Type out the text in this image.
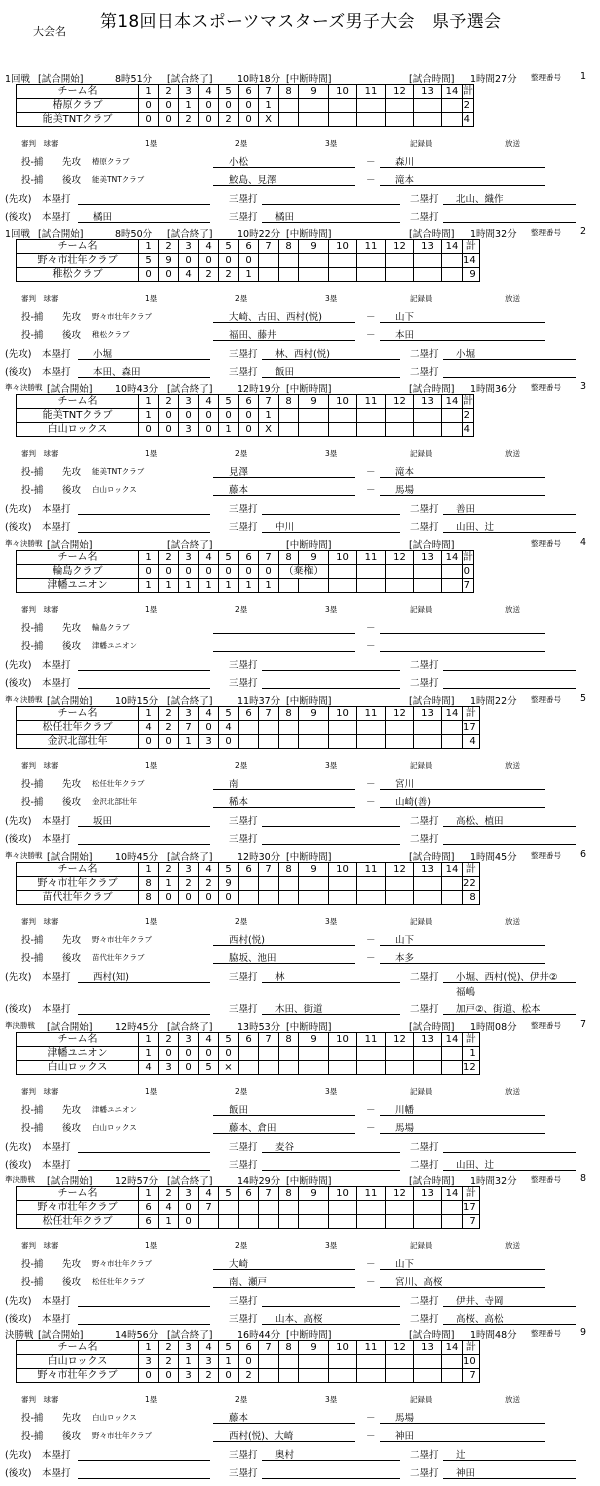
大会名 第18回日本スポーツマスターズ男子大会　県予選会
1回戦 [試合開始]	8時51分 [試合終了]	10時18分 [中断時間]	[試合時間] 1時間27分 整理番号 1
チーム名	1	2	3	4	5	6	7	8	9	10	11	12	13	14	計
椿原クラブ	0	0	1	0	0	0	1								2
能美TNTクラブ	0	0	2	0	2	0	X								4
審判　球審	1塁	2塁	3塁	記録員	放送
投-捕 先攻 椿原クラブ	小松	－ 森川
投-捕 後攻 能美TNTクラブ	鮫島、見澤	－ 滝本
(先攻) 本塁打	三塁打	二塁打 北山、織作
(後攻) 本塁打 橘田	三塁打 橘田	二塁打
1回戦 [試合開始]	8時50分 [試合終了]	10時22分 [中断時間]	[試合時間] 1時間32分 整理番号 2
チーム名	1	2	3	4	5	6	7	8	9	10	11	12	13	14	計
野々市壮年クラブ	5	9	0	0	0	0									14
稚松クラブ	0	0	4	2	2	1									9
審判　球審	1塁	2塁	3塁	記録員	放送
投-捕 先攻 野々市壮年クラブ	大崎、古田、西村(悦)	－ 山下
投-捕 後攻 稚松クラブ	福田、藤井	－ 本田
(先攻) 本塁打 小堀	三塁打 林、西村(悦)	二塁打 小堀
(後攻) 本塁打 本田、森田	三塁打 飯田	二塁打
準々決勝戦 [試合開始] 10時43分 [試合終了]	12時19分 [中断時間]	[試合時間] 1時間36分 整理番号 3
チーム名	1	2	3	4	5	6	7	8	9	10	11	12	13	14	計
能美TNTクラブ	1	0	0	0	0	0	1								2
白山ロックス	0	0	3	0	1	0	X								4
審判　球審	1塁	2塁	3塁	記録員	放送
投-捕 先攻 能美TNTクラブ	見澤	－ 滝本
投-捕 後攻 白山ロックス	藤本	－ 馬場
(先攻) 本塁打	三塁打	二塁打 善田
(後攻) 本塁打	三塁打 中川	二塁打 山田、辻
準々決勝戦 [試合開始]	[試合終了]	[中断時間]	[試合時間]	整理番号 4
チーム名	1	2	3	4	5	6	7	8	9	10	11	12	13	14	計
輪島クラブ	0	0	0	0	0	0	0	（棄権）							0
津幡ユニオン	1	1	1	1	1	1	1								7
審判　球審	1塁	2塁	3塁	記録員	放送
投-捕 先攻 輪島クラブ	－
投-捕 後攻 津幡ユニオン	－
(先攻) 本塁打	三塁打	二塁打
(後攻) 本塁打	三塁打	二塁打
準々決勝戦 [試合開始] 10時15分 [試合終了]	11時37分 [中断時間]	[試合時間] 1時間22分 整理番号 5
チーム名	1	2	3	4	5	6	7	8	9	10	11	12	13	14	計
松任壮年クラブ	4	2	7	0	4										17
金沢北部壮年	0	0	1	3	0										4
審判　球審	1塁	2塁	3塁	記録員	放送
投-捕 先攻 松任壮年クラブ	南	－ 宮川
投-捕 後攻 金沢北部壮年	稀本	－ 山崎(善)
(先攻) 本塁打 坂田	三塁打	二塁打 高松、植田
(後攻) 本塁打	三塁打	二塁打
準々決勝戦 [試合開始] 10時45分 [試合終了]	12時30分 [中断時間]	[試合時間] 1時間45分 整理番号 6
チーム名	1	2	3	4	5	6	7	8	9	10	11	12	13	14	計
野々市壮年クラブ	8	1	2	2	9										22
苗代壮年クラブ	8	0	0	0	0										8
審判　球審	1塁	2塁	3塁	記録員	放送
投-捕 先攻 野々市壮年クラブ	西村(悦)	－ 山下
投-捕 後攻 苗代壮年クラブ	脇坂、池田	－ 本多
(先攻) 本塁打 西村(知)	三塁打 林	二塁打 小堀、西村(悦)、伊井②
福嶋
(後攻) 本塁打	三塁打 木田、街道	二塁打 加戸②、街道、松本
準決勝戦 [試合開始] 12時45分 [試合終了]	13時53分 [中断時間]	[試合時間] 1時間08分 整理番号 7
チーム名	1	2	3	4	5	6	7	8	9	10	11	12	13	14	計
津幡ユニオン	1	0	0	0	0										1
白山ロックス	4	3	0	5	×										12
審判　球審	1塁	2塁	3塁	記録員	放送
投-捕 先攻 津幡ユニオン	飯田	－ 川幡
投-捕 後攻 白山ロックス	藤本、倉田	－ 馬場
(先攻) 本塁打	三塁打 麦谷	二塁打
(後攻) 本塁打	三塁打	二塁打 山田、辻
準決勝戦 [試合開始] 12時57分 [試合終了]	14時29分 [中断時間]	[試合時間] 1時間32分 整理番号 8
チーム名	1	2	3	4	5	6	7	8	9	10	11	12	13	14	計
野々市壮年クラブ	6	4	0	7											17
松任壮年クラブ	6	1	0												7
審判　球審	1塁	2塁	3塁	記録員	放送
投-捕 先攻 野々市壮年クラブ	大崎	－ 山下
投-捕 後攻 松任壮年クラブ	南、瀬戸	－ 宮川、高桜
(先攻) 本塁打	三塁打	二塁打 伊井、寺岡
(後攻) 本塁打	三塁打 山本、高桜	二塁打 高桜、高松
決勝戦 [試合開始]	14時56分 [試合終了]	16時44分 [中断時間]	[試合時間] 1時間48分 整理番号 9
チーム名	1	2	3	4	5	6	7	8	9	10	11	12	13	14	計
白山ロックス	3	2	1	3	1	0									10
野々市壮年クラブ	0	0	3	2	0	2									7
審判　球審	1塁	2塁	3塁	記録員	放送
投-捕 先攻 白山ロックス	藤本	－ 馬場
投-捕 後攻 野々市壮年クラブ	西村(悦)、大崎	－ 神田
(先攻) 本塁打	三塁打 奥村	二塁打 辻
(後攻) 本塁打	三塁打	二塁打 神田
